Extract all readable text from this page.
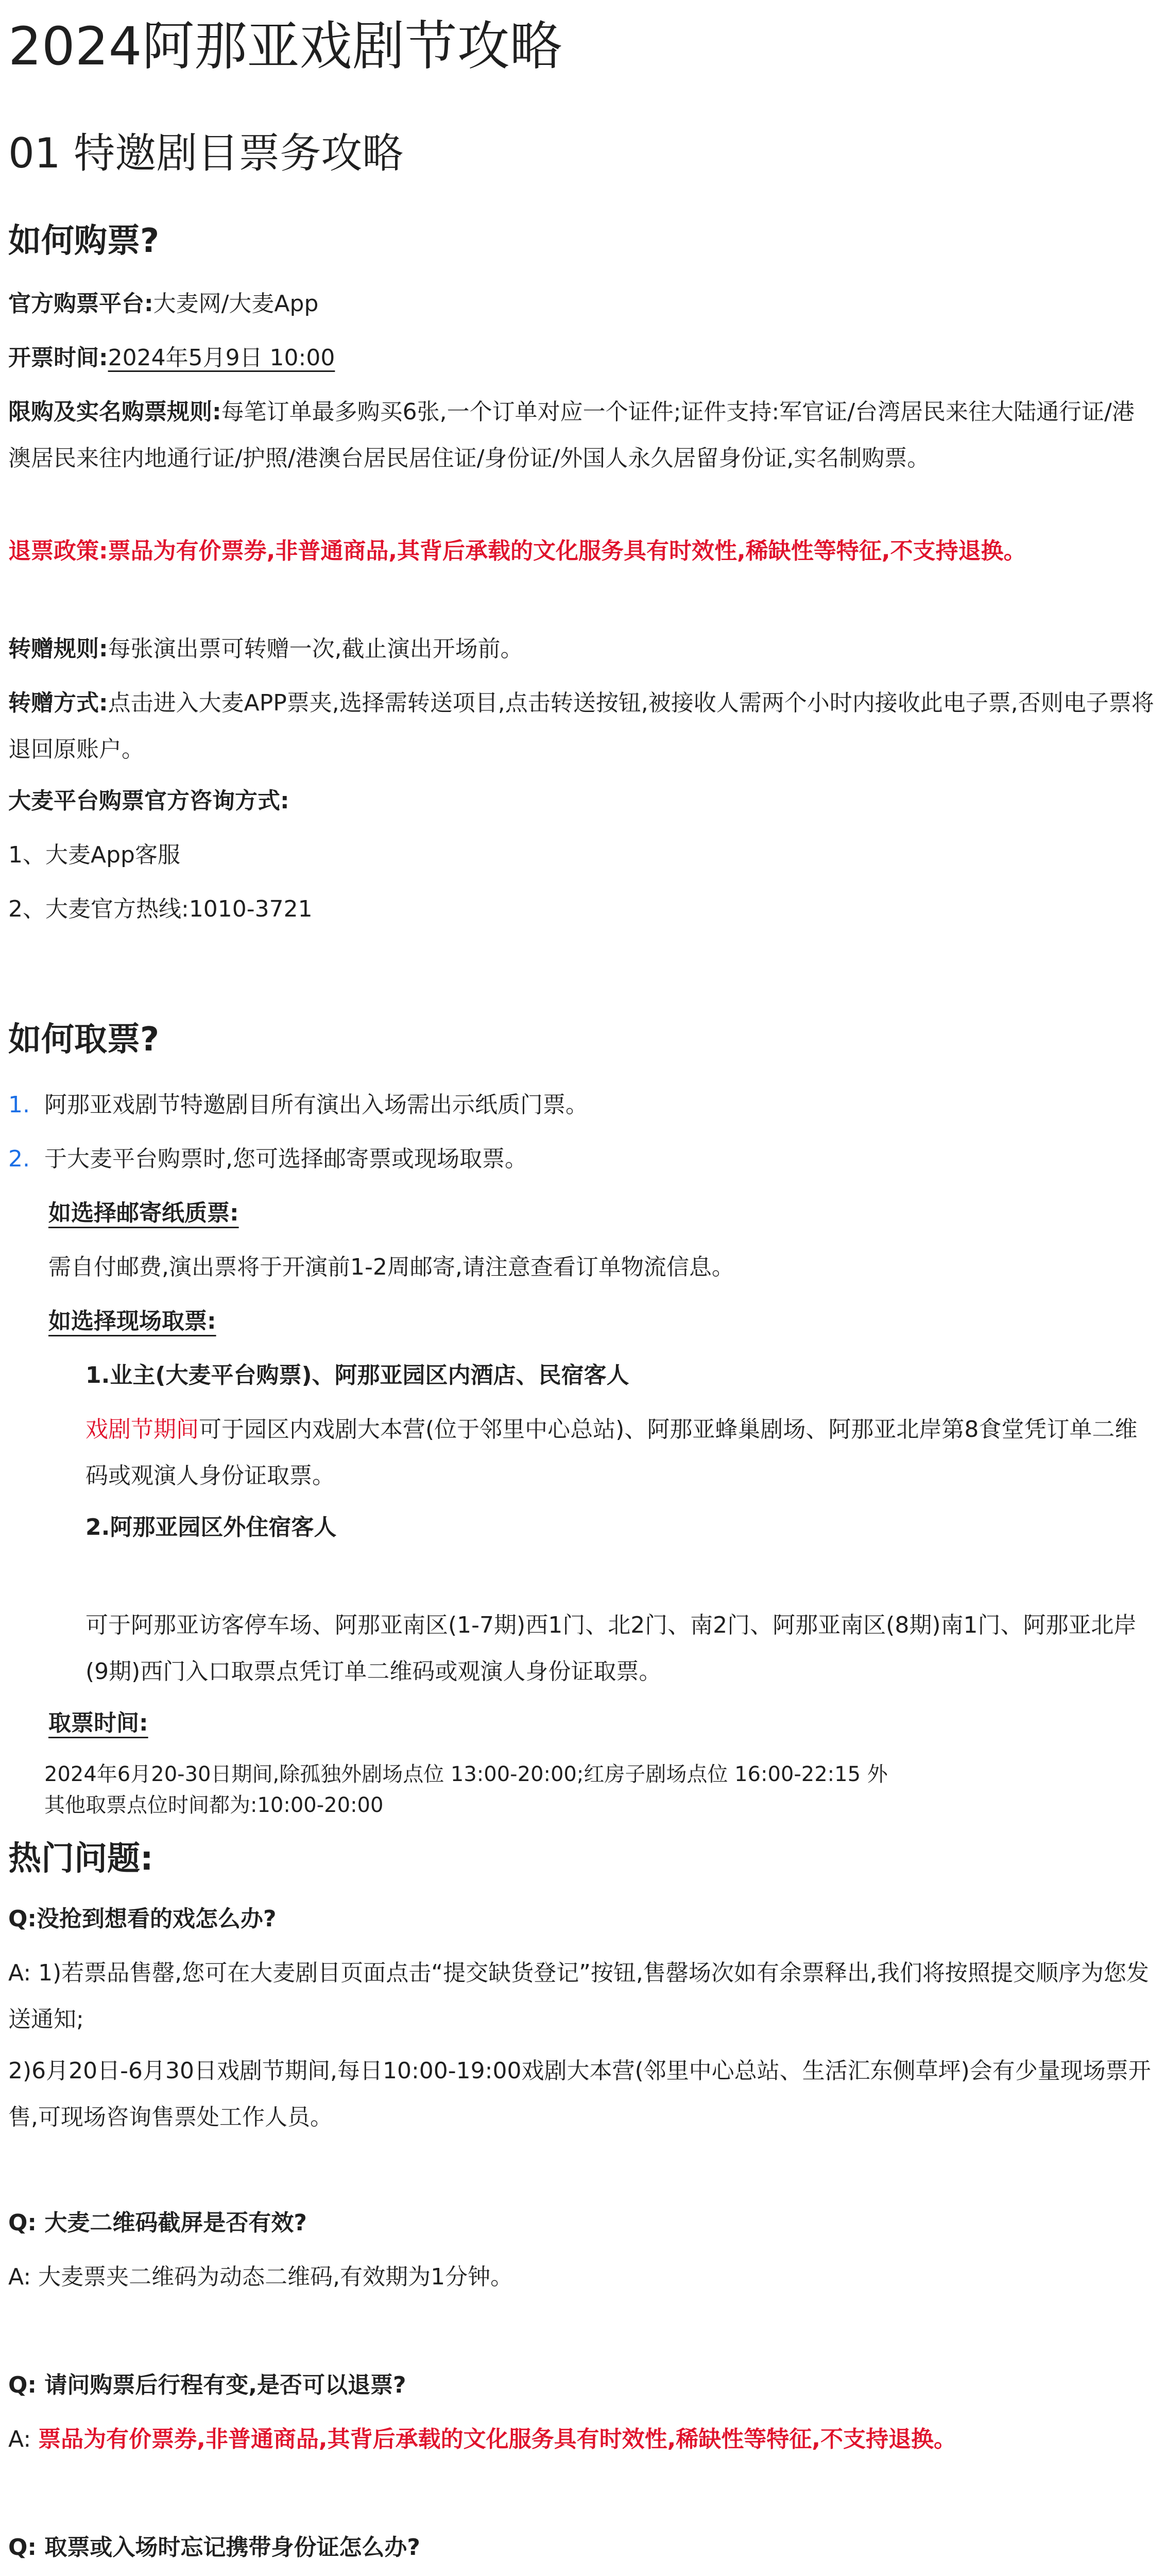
2024阿那亚戏剧节攻略
01 特邀剧目票务攻略
如何购票?

官方购票平台:大麦网/大麦App

开票时间:2024年5月9日 10:00

限购及实名购票规则:每笔订单最多购买6张,一个订单对应一个证件;证件支持:军官证/台湾居民来往大陆通行证/港澳居民来往内地通行证/护照/港澳台居民居住证/身份证/外国人永久居留身份证,实名制购票。

退票政策:票品为有价票券,非普通商品,其背后承载的文化服务具有时效性,稀缺性等特征,不支持退换。

转赠规则:每张演出票可转赠一次,截止演出开场前。

转赠方式:点击进入大麦APP票夹,选择需转送项目,点击转送按钮,被接收人需两个小时内接收此电子票,否则电子票将退回原账户。

大麦平台购票官方咨询方式:

1、大麦App客服

2、大麦官方热线:1010-3721

如何取票?
1. 阿那亚戏剧节特邀剧目所有演出入场需出示纸质门票。

2. 于大麦平台购票时,您可选择邮寄票或现场取票。

如选择邮寄纸质票:

需自付邮费,演出票将于开演前1-2周邮寄,请注意查看订单物流信息。

如选择现场取票:

1.业主(大麦平台购票)、阿那亚园区内酒店、民宿客人

戏剧节期间可于园区内戏剧大本营(位于邻里中心总站)、阿那亚蜂巢剧场、阿那亚北岸第8食堂凭订单二维码或观演人身份证取票。

2.阿那亚园区外住宿客人

可于阿那亚访客停车场、阿那亚南区(1-7期)西1门、北2门、南2门、阿那亚南区(8期)南1门、阿那亚北岸(9期)西门入口取票点凭订单二维码或观演人身份证取票。

取票时间:

2024年6月20-30日期间,除孤独外剧场点位 13:00-20:00;红房子剧场点位 16:00-22:15 外

其他取票点位时间都为:10:00-20:00

热门问题:

Q:没抢到想看的戏怎么办?

A: 1)若票品售罄,您可在大麦剧目页面点击“提交缺货登记”按钮,售罄场次如有余票释出,我们将按照提交顺序为您发送通知;

2)6月20日-6月30日戏剧节期间,每日10:00-19:00戏剧大本营(邻里中心总站、生活汇东侧草坪)会有少量现场票开售,可现场咨询售票处工作人员。

Q: 大麦二维码截屏是否有效?

A: 大麦票夹二维码为动态二维码,有效期为1分钟。

Q: 请问购票后行程有变,是否可以退票?

A: 票品为有价票券,非普通商品,其背后承载的文化服务具有时效性,稀缺性等特征,不支持退换。

Q: 取票或入场时忘记携带身份证怎么办?
